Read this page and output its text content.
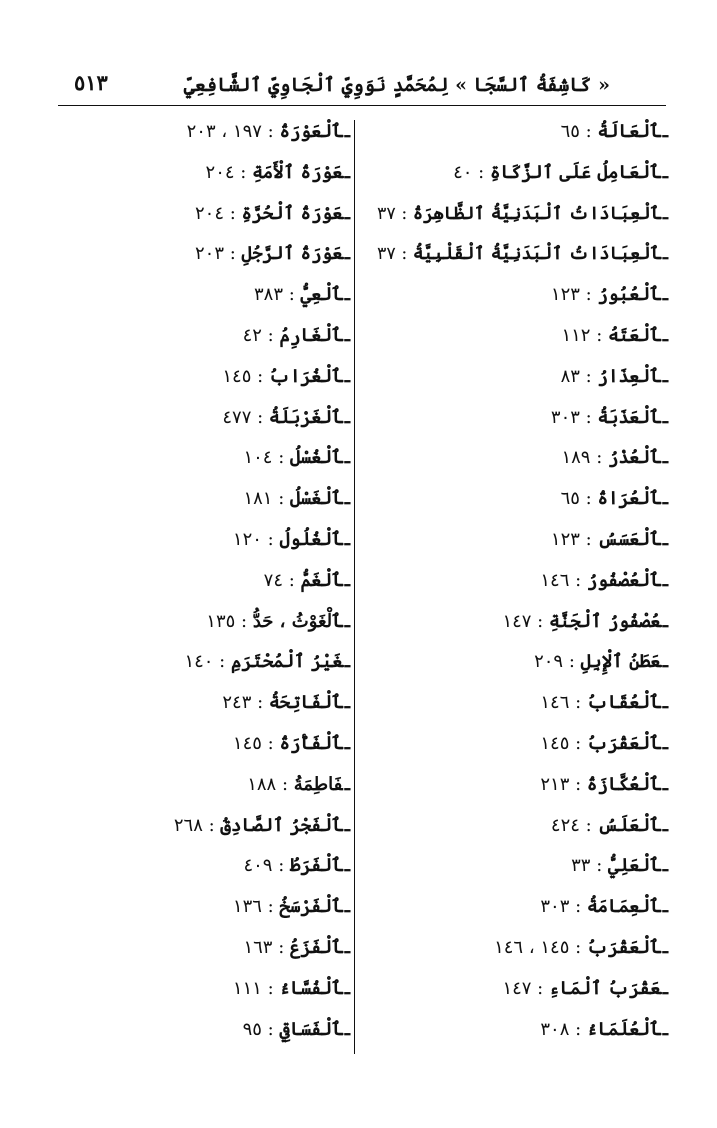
« كَاشِفَةُ ٱلسَّجَا » لِمُحَمَّدٍ نَوَوِيِّ ٱلْجَاوِيِّ ٱلشَّافِعِيِّ
٥١٣
ـٱلْعَالَةُ : ٦٥
ـٱلْعَامِلُ عَلَى ٱلزَّكَاةِ : ٤٠
ـٱلْعِبَادَاتُ ٱلْبَدَنِيَّةُ ٱلظَّاهِرَةُ : ٣٧
ـٱلْعِبَادَاتُ ٱلْبَدَنِيَّةُ ٱلْقَلْبِيَّةُ : ٣٧
ـٱلْعُبُورُ : ١٢٣
ـٱلْعَتَهُ : ١١٢
ـٱلْعِذَارُ : ٨٣
ـٱلْعَذَبَةُ : ٣٠٣
ـٱلْعُذْرُ : ١٨٩
ـٱلْعُرَاةُ : ٦٥
ـٱلْعَسَسُ : ١٢٣
ـٱلْعُصْفُورُ : ١٤٦
ـعُصْفُورُ ٱلْجَنَّةِ : ١٤٧
ـعَطَنُ ٱلْإِبِلِ : ٢٠٩
ـٱلْعُقَابُ : ١٤٦
ـٱلْعَقْرَبُ : ١٤٥
ـٱلْعُكَّازَةُ : ٢١٣
ـٱلْعَلَسُ : ٤٢٤
ـٱلْعَلِيُّ : ٣٣
ـٱلْعِمَامَةُ : ٣٠٣
ـٱلْعَقْرَبُ : ١٤٥ ، ١٤٦
ـعَقْرَبُ ٱلْمَاءِ : ١٤٧
ـٱلْعُلَمَاءُ : ٣٠٨
ـٱلْعَوْرَةُ : ١٩٧ ، ٢٠٣
ـعَوْرَةُ ٱلْأَمَةِ : ٢٠٤
ـعَوْرَةُ ٱلْحُرَّةِ : ٢٠٤
ـعَوْرَةُ ٱلرَّجُلِ : ٢٠٣
ـٱلْعِيُّ : ٣٨٣
ـٱلْغَارِمُ : ٤٢
ـٱلْغُرَابُ : ١٤٥
ـٱلْغَرْبَلَةُ : ٤٧٧
ـٱلْغُسْلُ : ١٠٤
ـٱلْغَسْلُ : ١٨١
ـٱلْغُلُولُ : ١٢٠
ـٱلْغَمُّ : ٧٤
ـٱلْغَوْثُ ، حَدُّ : ١٣٥
ـغَيْرُ ٱلْمُحْتَرَمِ : ١٤٠
ـٱلْفَاتِحَةُ : ٢٤٣
ـٱلْفَأْرَةُ : ١٤٥
ـفَاطِمَةُ : ١٨٨
ـٱلْفَجْرُ ٱلصَّادِقُ : ٢٦٨
ـٱلْفَرَطُ : ٤٠٩
ـٱلْفَرْسَخُ : ١٣٦
ـٱلْفَزَعُ : ١٦٣
ـٱلْفُسَّاءُ : ١١١
ـٱلْفَسَاقِي : ٩٥
